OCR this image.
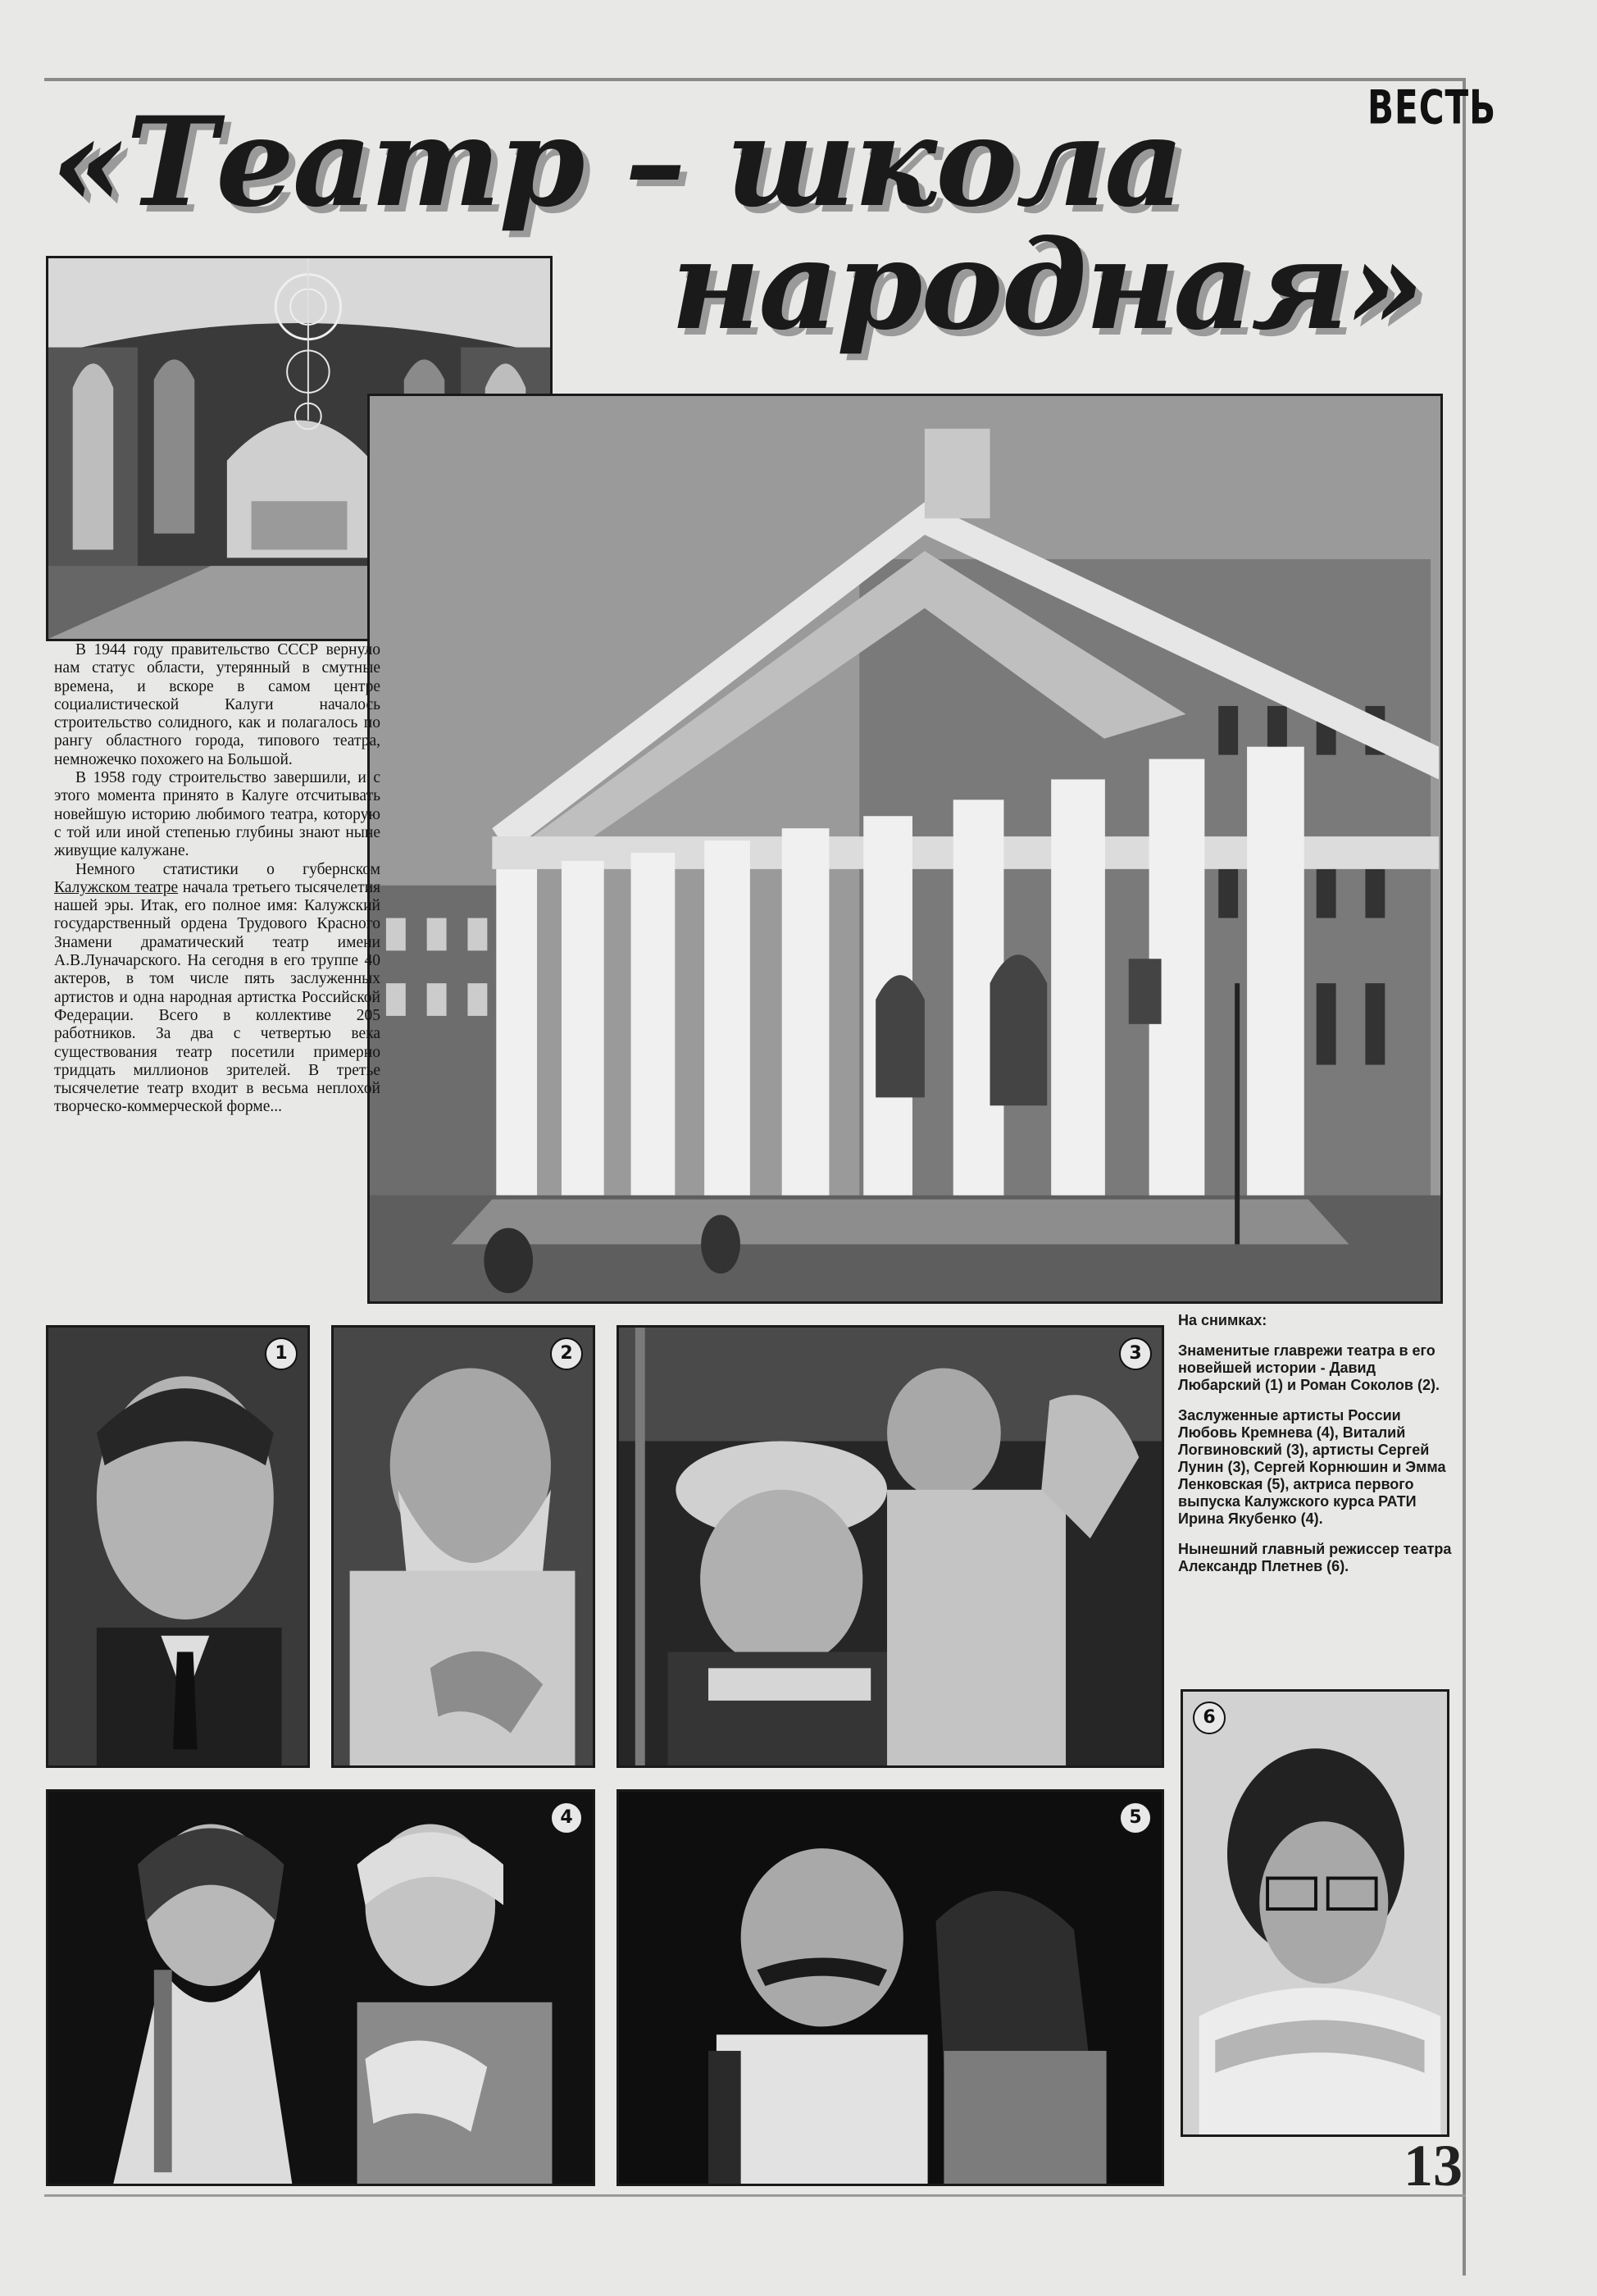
ВЕСТЬ
«Театр – школа
народная»

В 1944 году правительство СССР вернуло нам статус области, утерянный в смутные времена, и вскоре в самом центре социалистической Калуги началось строительство солидного, как и полагалось по рангу областного города, типового театра, немножечко похожего на Большой.

В 1958 году строительство завершили, и с этого момента принято в Калуге отсчитывать новейшую историю любимого театра, которую с той или иной степенью глубины знают ныне живущие калужане.

Немного статистики о губернском Калужском театре начала третьего тысячелетия нашей эры. Итак, его полное имя: Калужский государственный ордена Трудового Красного Знамени драматический театр имени А.В.Луначарского. На сегодня в его труппе 40 актеров, в том числе пять заслуженных артистов и одна народная артистка Российской Федерации. Всего в коллективе 205 работников. За два с четвертью века существования театр посетили примерно тридцать миллионов зрителей. В третье тысячелетие театр входит в весьма неплохой творческо-коммерческой форме...

1	2	3
4	5
6
На снимках:

Знаменитые главрежи театра в его новейшей истории - Давид Любарский (1) и Роман Соколов (2).

Заслуженные артисты России Любовь Кремнева (4), Виталий Логвиновский (3), артисты Сергей Лунин (3), Сергей Корнюшин и Эмма Ленковская (5), актриса первого выпуска Калужского курса РАТИ Ирина Якубенко (4).

Нынешний главный режиссер театра Александр Плетнев (6).

13
